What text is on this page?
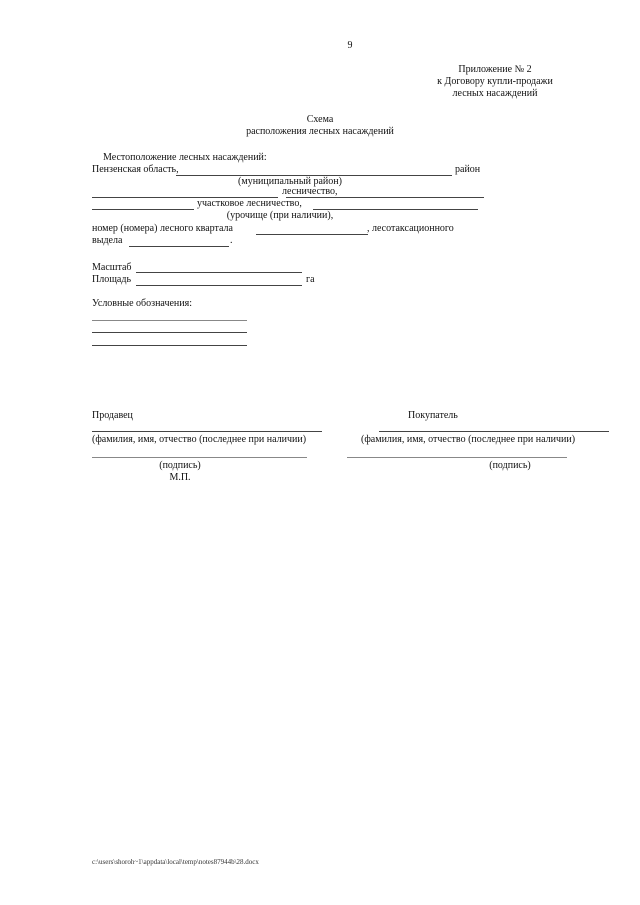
9
Приложение № 2
к Договору купли-продажи
лесных насаждений
Схема
расположения лесных насаждений
Местоположение лесных насаждений:
Пензенская область,	район
(муниципальный район)
лесничество,
участковое лесничество,
(урочище (при наличии),
номер (номера) лесного квартала	, лесотаксационного
выдела	.
Масштаб
Площадь	га
Условные обозначения:
Продавец
(фамилия, имя, отчество (последнее при наличии)
(подпись)
М.П.
Покупатель
(фамилия, имя, отчество (последнее при наличии)
(подпись)
c:\users\shoroh~1\appdata\local\temp\notes87944b\28.docx
